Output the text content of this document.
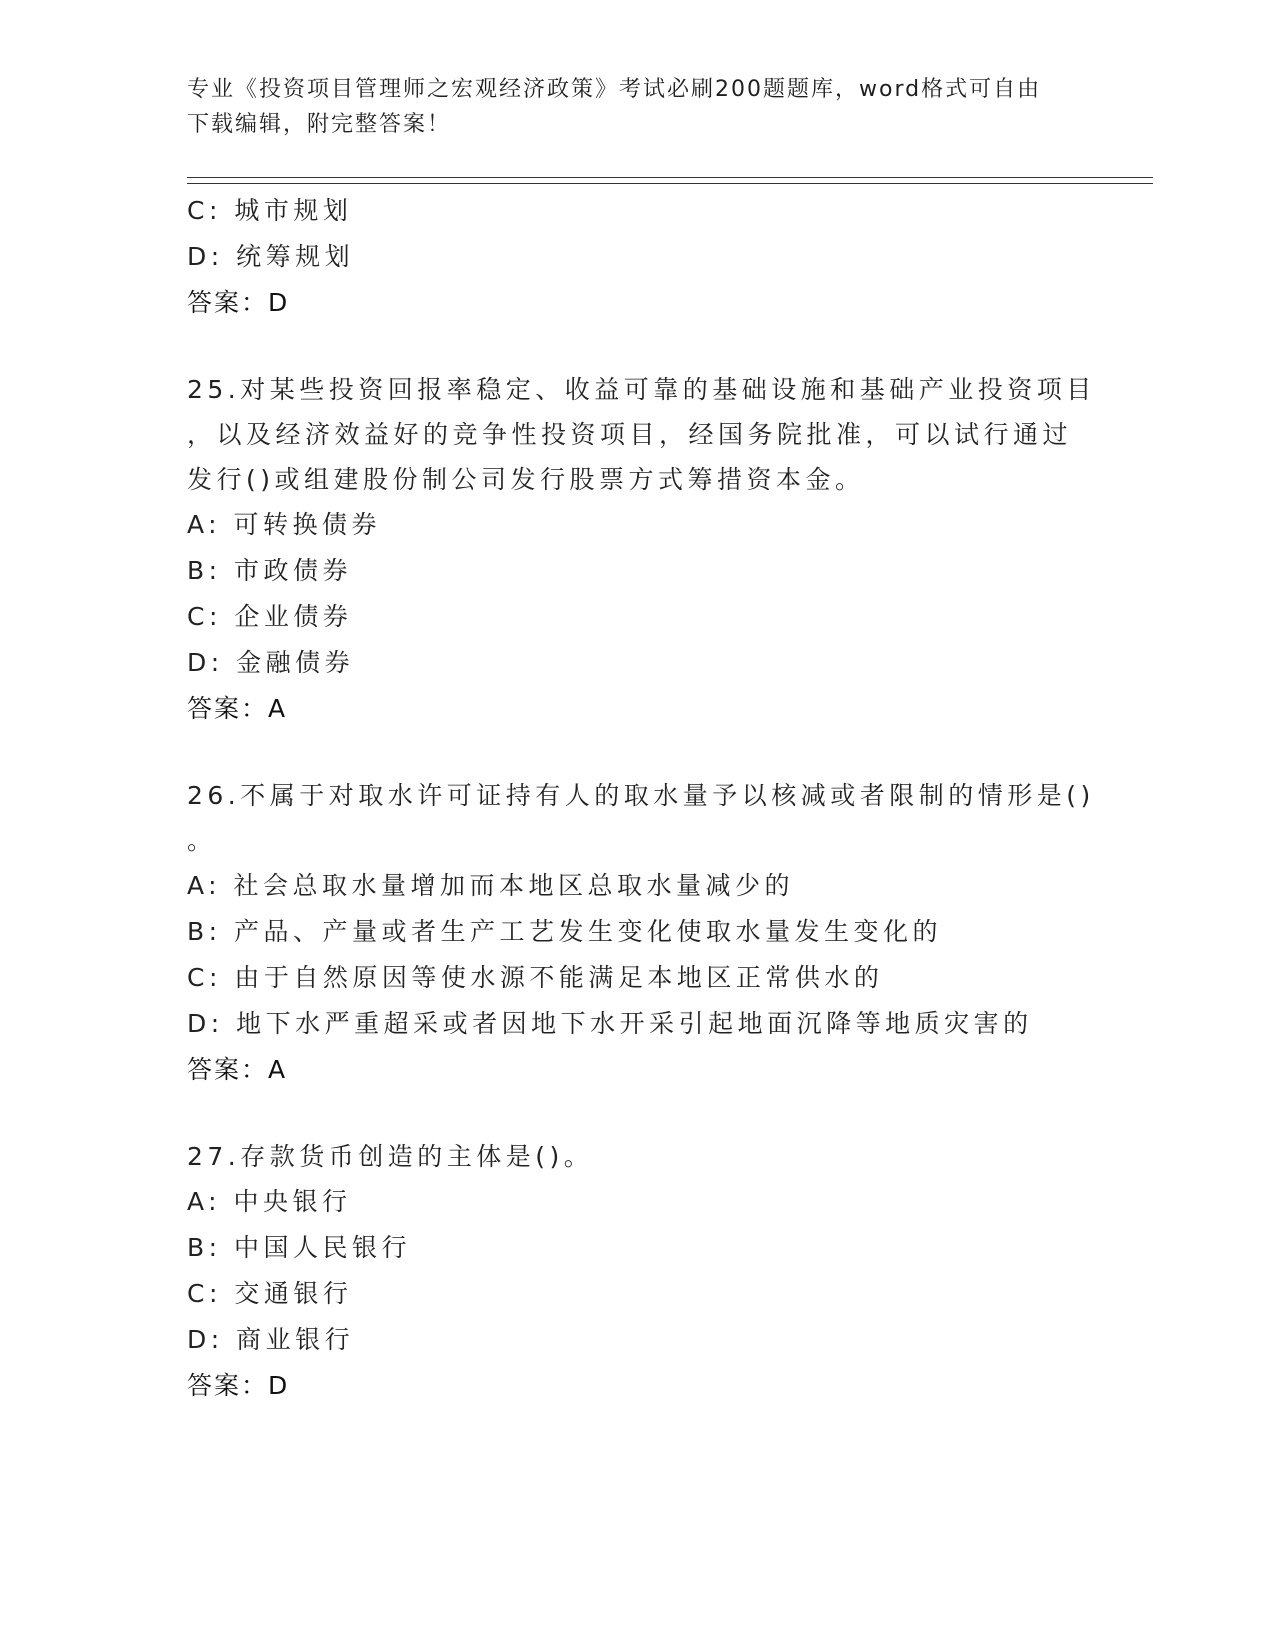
专业《投资项目管理师之宏观经济政策》考试必刷200题题库，word格式可自由
下载编辑，附完整答案！
C: 城市规划
D: 统筹规划
答案：D
25.对某些投资回报率稳定、收益可靠的基础设施和基础产业投资项目
，以及经济效益好的竞争性投资项目，经国务院批准，可以试行通过
发行()或组建股份制公司发行股票方式筹措资本金。
A: 可转换债券
B: 市政债券
C: 企业债券
D: 金融债券
答案：A
26.不属于对取水许可证持有人的取水量予以核减或者限制的情形是()
。
A: 社会总取水量增加而本地区总取水量减少的
B: 产品、产量或者生产工艺发生变化使取水量发生变化的
C: 由于自然原因等使水源不能满足本地区正常供水的
D: 地下水严重超采或者因地下水开采引起地面沉降等地质灾害的
答案：A
27.存款货币创造的主体是()。
A: 中央银行
B: 中国人民银行
C: 交通银行
D: 商业银行
答案：D
